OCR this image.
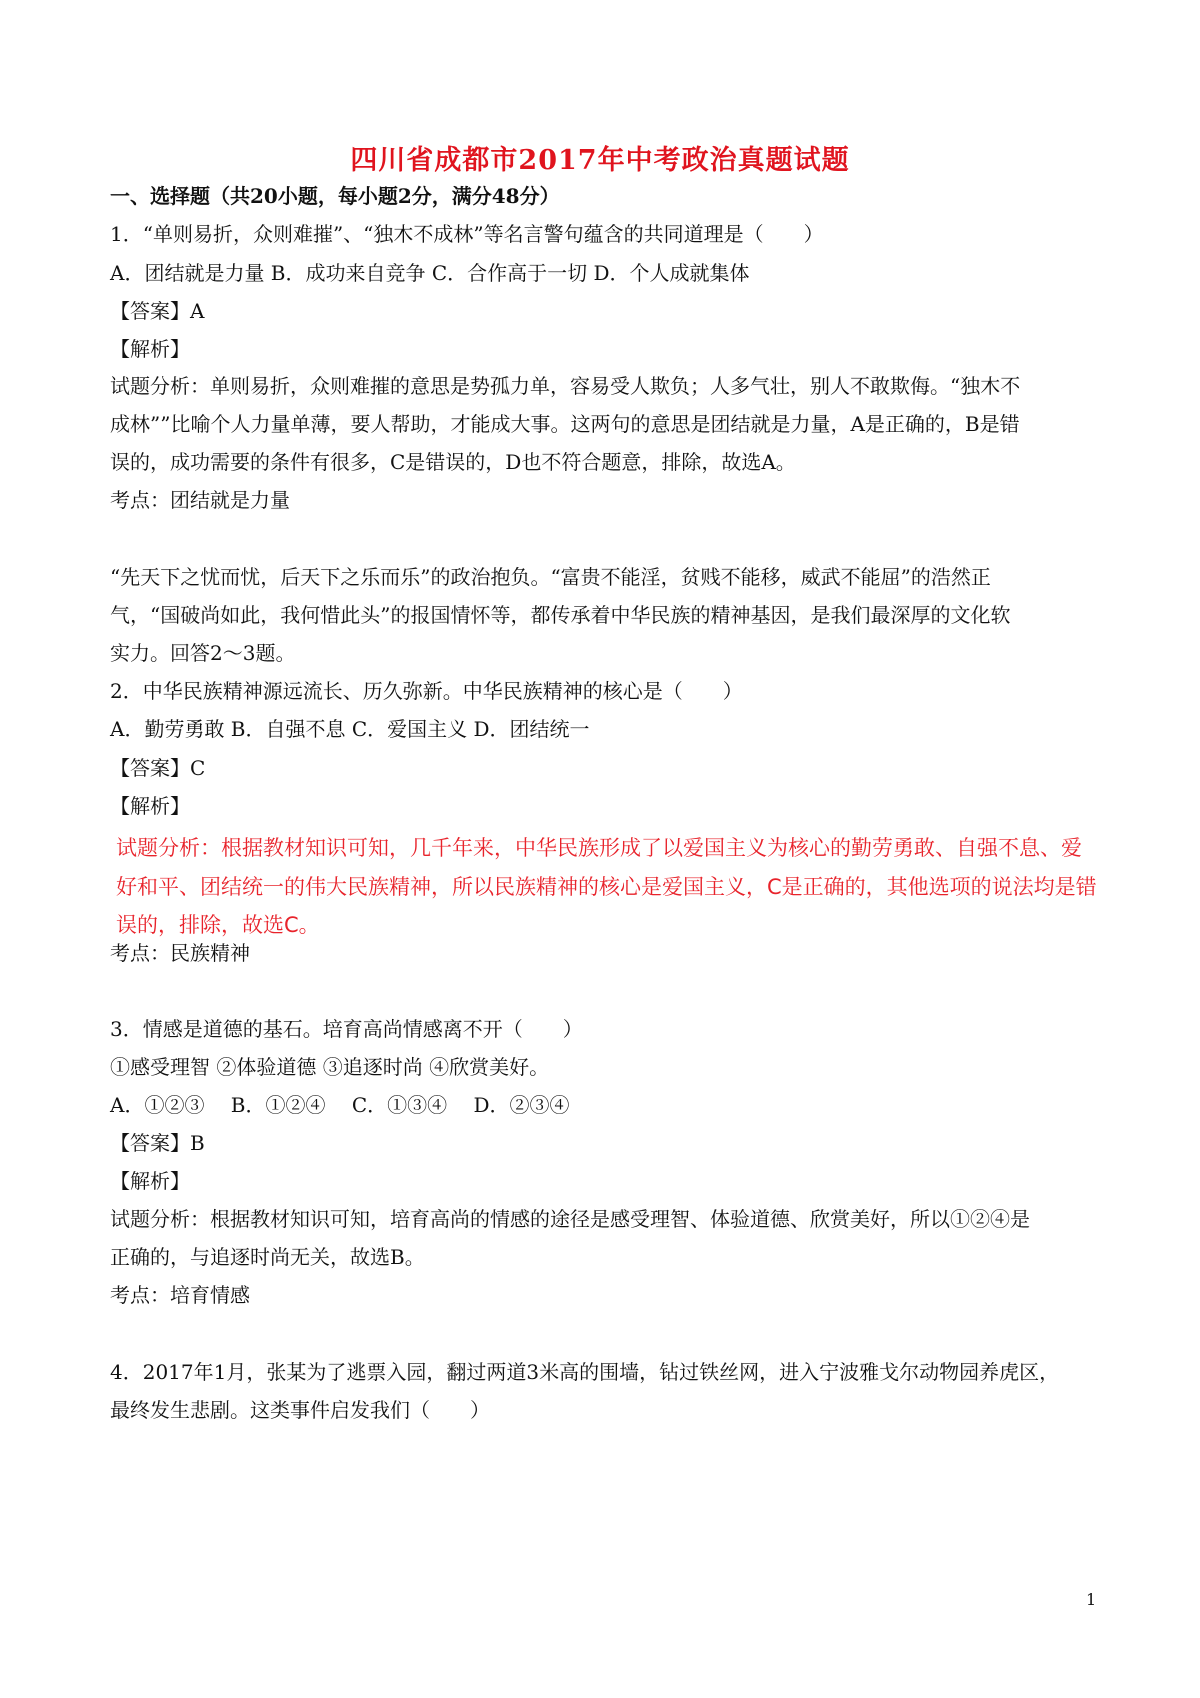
四川省成都市2017年中考政治真题试题
一、选择题（共20小题，每小题2分，满分48分）
1．“单则易折，众则难摧”、“独木不成林”等名言警句蕴含的共同道理是（　　）
A．团结就是力量 B．成功来自竞争 C．合作高于一切 D．个人成就集体
【答案】A
【解析】
试题分析：单则易折，众则难摧的意思是势孤力单，容易受人欺负；人多气壮，别人不敢欺侮。“独木不
成林””比喻个人力量单薄，要人帮助，才能成大事。这两句的意思是团结就是力量，A是正确的，B是错
误的，成功需要的条件有很多，C是错误的，D也不符合题意，排除，故选A。
考点：团结就是力量
“先天下之忧而忧，后天下之乐而乐”的政治抱负。“富贵不能淫，贫贱不能移，威武不能屈”的浩然正
气，“国破尚如此，我何惜此头”的报国情怀等，都传承着中华民族的精神基因，是我们最深厚的文化软
实力。回答2～3题。
2．中华民族精神源远流长、历久弥新。中华民族精神的核心是（　　）
A．勤劳勇敢 B．自强不息 C．爱国主义 D．团结统一
【答案】C
【解析】
试题分析：根据教材知识可知，几千年来，中华民族形成了以爱国主义为核心的勤劳勇敢、自强不息、爱
好和平、团结统一的伟大民族精神，所以民族精神的核心是爱国主义，C是正确的，其他选项的说法均是错
误的，排除，故选C。
考点：民族精神
3．情感是道德的基石。培育高尚情感离不开（　　）
①感受理智 ②体验道德 ③追逐时尚 ④欣赏美好。
A．①②③　 B．①②④　 C．①③④　 D．②③④
【答案】B
【解析】
试题分析：根据教材知识可知，培育高尚的情感的途径是感受理智、体验道德、欣赏美好，所以①②④是
正确的，与追逐时尚无关，故选B。
考点：培育情感
4．2017年1月，张某为了逃票入园，翻过两道3米高的围墙，钻过铁丝网，进入宁波雅戈尔动物园养虎区，
最终发生悲剧。这类事件启发我们（　　）
1
